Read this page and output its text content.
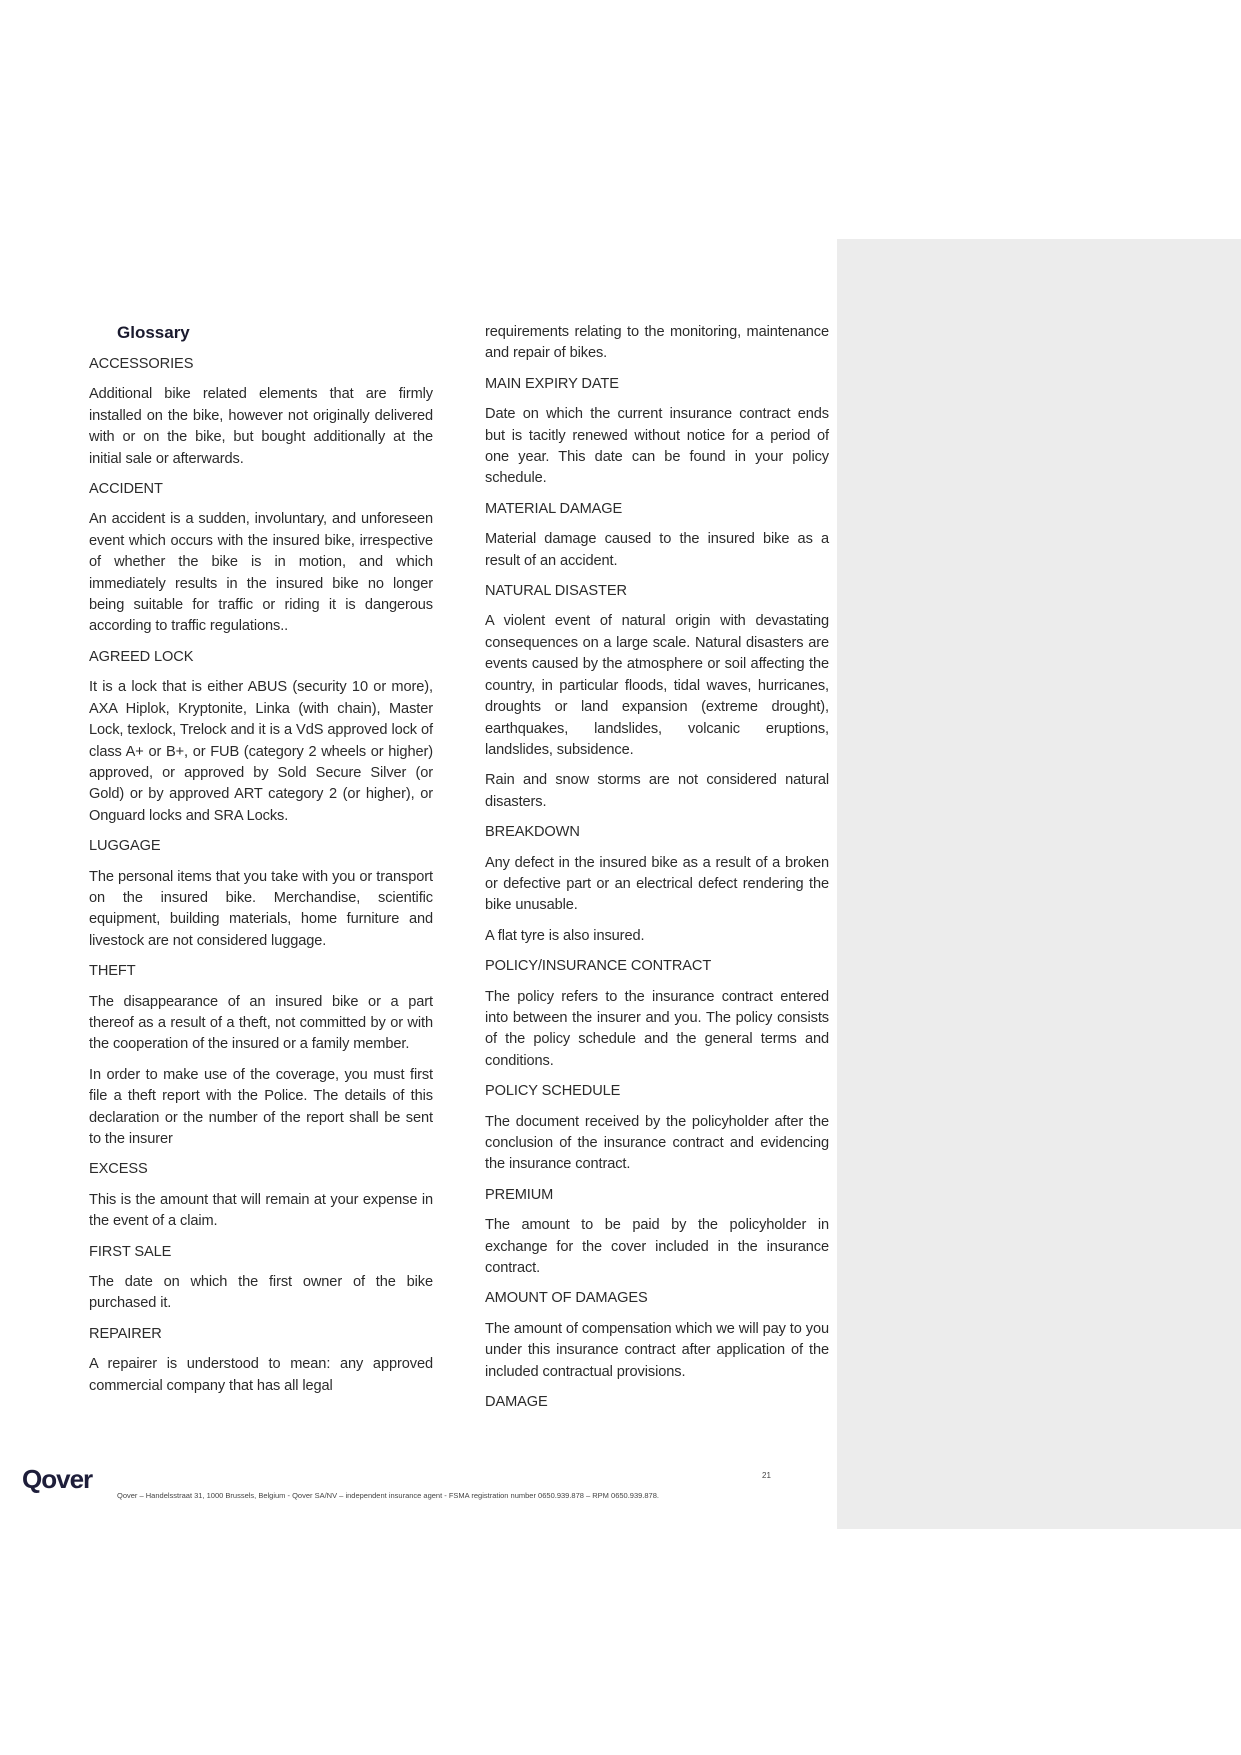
Glossary
ACCESSORIES
Additional bike related elements that are firmly installed on the bike, however not originally delivered with or on the bike, but bought additionally at the initial sale or afterwards.
ACCIDENT
An accident is a sudden, involuntary, and unforeseen event which occurs with the insured bike, irrespective of whether the bike is in motion, and which immediately results in the insured bike no longer being suitable for traffic or riding it is dangerous according to traffic regulations..
AGREED LOCK
It is a lock that is either ABUS (security 10 or more), AXA Hiplok, Kryptonite, Linka (with chain), Master Lock, texlock, Trelock and it is a VdS approved lock of class A+ or B+, or FUB (category 2 wheels or higher) approved, or approved by Sold Secure Silver (or Gold) or by approved ART category 2 (or higher), or Onguard locks and SRA Locks.
LUGGAGE
The personal items that you take with you or transport on the insured bike. Merchandise, scientific equipment, building materials, home furniture and livestock are not considered luggage.
THEFT
The disappearance of an insured bike or a part thereof as a result of a theft, not committed by or with the cooperation of the insured or a family member.
In order to make use of the coverage, you must first file a theft report with the Police. The details of this declaration or the number of the report shall be sent to the insurer
EXCESS
This is the amount that will remain at your expense in the event of a claim.
FIRST SALE
The date on which the first owner of the bike purchased it.
REPAIRER
A repairer is understood to mean: any approved commercial company that has all legal
requirements relating to the monitoring, maintenance and repair of bikes.
MAIN EXPIRY DATE
Date on which the current insurance contract ends but is tacitly renewed without notice for a period of one year. This date can be found in your policy schedule.
MATERIAL DAMAGE
Material damage caused to the insured bike as a result of an accident.
NATURAL DISASTER
A violent event of natural origin with devastating consequences on a large scale. Natural disasters are events caused by the atmosphere or soil affecting the country, in particular floods, tidal waves, hurricanes, droughts or land expansion (extreme drought), earthquakes, landslides, volcanic eruptions, landslides, subsidence.
Rain and snow storms are not considered natural disasters.
BREAKDOWN
Any defect in the insured bike as a result of a broken or defective part or an electrical defect rendering the bike unusable.
A flat tyre is also insured.
POLICY/INSURANCE CONTRACT
The policy refers to the insurance contract entered into between the insurer and you. The policy consists of the policy schedule and the general terms and conditions.
POLICY SCHEDULE
The document received by the policyholder after the conclusion of the insurance contract and evidencing the insurance contract.
PREMIUM
The amount to be paid by the policyholder in exchange for the cover included in the insurance contract.
AMOUNT OF DAMAGES
The amount of compensation which we will pay to you under this insurance contract after application of the included contractual provisions.
DAMAGE
Qover	21
Qover – Handelsstraat 31, 1000 Brussels, Belgium - Qover SA/NV – independent insurance agent - FSMA registration number 0650.939.878 – RPM 0650.939.878.
